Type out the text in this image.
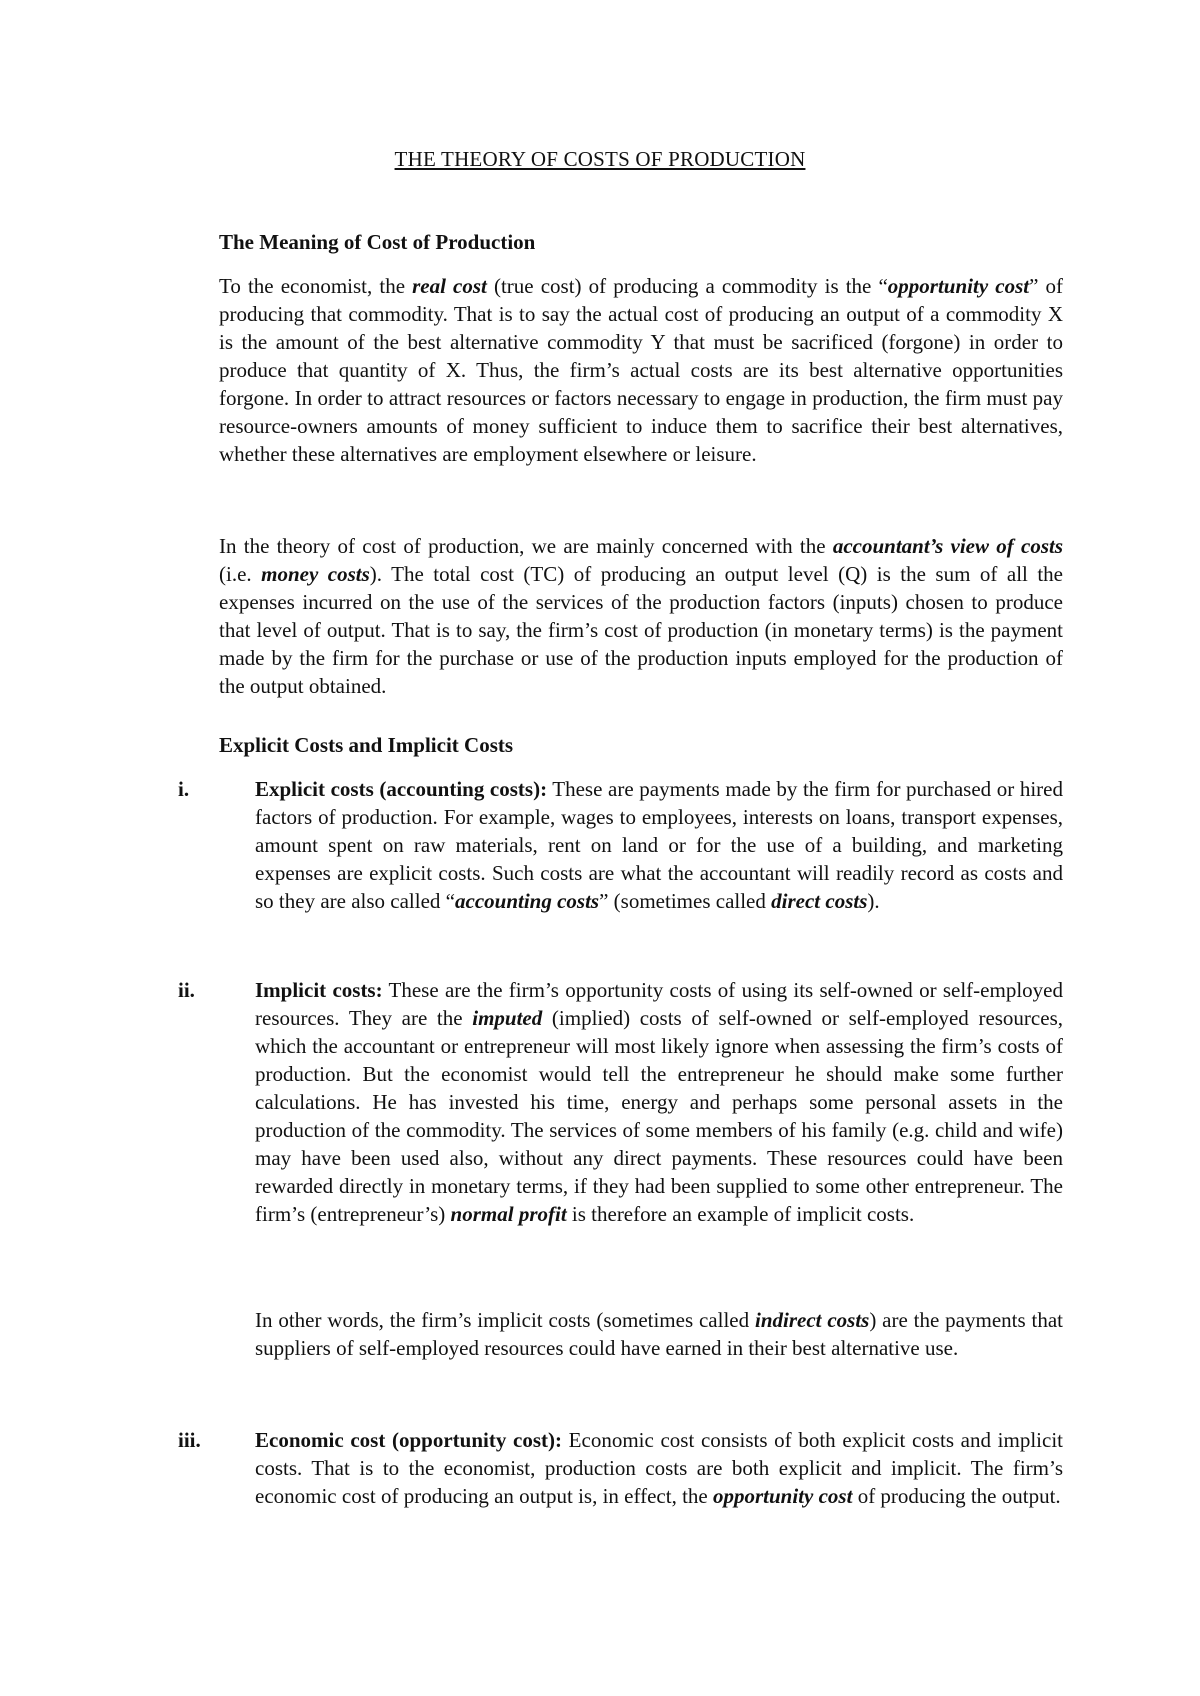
THE THEORY OF COSTS OF PRODUCTION
The Meaning of Cost of Production

To the economist, the real cost (true cost) of producing a commodity is the “opportunity cost” of producing that commodity. That is to say the actual cost of producing an output of a commodity X is the amount of the best alternative commodity Y that must be sacrificed (forgone) in order to produce that quantity of X. Thus, the firm’s actual costs are its best alternative opportunities forgone. In order to attract resources or factors necessary to engage in production, the firm must pay resource-owners amounts of money sufficient to induce them to sacrifice their best alternatives, whether these alternatives are employment elsewhere or leisure.

In the theory of cost of production, we are mainly concerned with the accountant’s view of costs (i.e. money costs). The total cost (TC) of producing an output level (Q) is the sum of all the expenses incurred on the use of the services of the production factors (inputs) chosen to produce that level of output. That is to say, the firm’s cost of production (in monetary terms) is the payment made by the firm for the purchase or use of the production inputs employed for the production of the output obtained.

Explicit Costs and Implicit Costs
i.	Explicit costs (accounting costs): These are payments made by the firm for purchased or hired factors of production. For example, wages to employees, interests on loans, transport expenses, amount spent on raw materials, rent on land or for the use of a building, and marketing expenses are explicit costs. Such costs are what the accountant will readily record as costs and so they are also called “accounting costs” (sometimes called direct costs).

ii.	Implicit costs: These are the firm’s opportunity costs of using its self-owned or self-employed resources. They are the imputed (implied) costs of self-owned or self-employed resources, which the accountant or entrepreneur will most likely ignore when assessing the firm’s costs of production. But the economist would tell the entrepreneur he should make some further calculations. He has invested his time, energy and perhaps some personal assets in the production of the commodity. The services of some members of his family (e.g. child and wife) may have been used also, without any direct payments. These resources could have been rewarded directly in monetary terms, if they had been supplied to some other entrepreneur. The firm’s (entrepreneur’s) normal profit is therefore an example of implicit costs.

In other words, the firm’s implicit costs (sometimes called indirect costs) are the payments that suppliers of self-employed resources could have earned in their best alternative use.

iii.	Economic cost (opportunity cost): Economic cost consists of both explicit costs and implicit costs. That is to the economist, production costs are both explicit and implicit. The firm’s economic cost of producing an output is, in effect, the opportunity cost of producing the output.
